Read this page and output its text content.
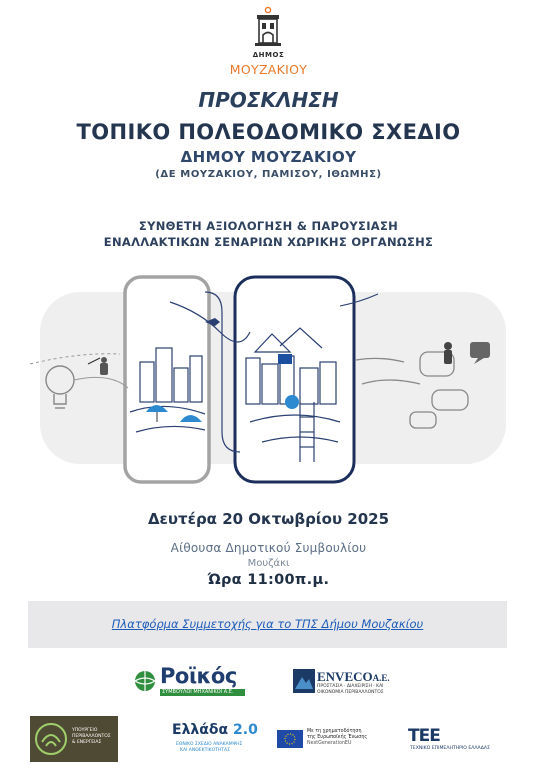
ΔΗΜΟΣ
ΜΟΥΖΑΚΙΟΥ
ΠΡΟΣΚΛΗΣΗ
ΤΟΠΙΚΟ ΠΟΛΕΟΔΟΜΙΚΟ ΣΧΕΔΙΟ
ΔΗΜΟΥ ΜΟΥΖΑΚΙΟΥ
(ΔΕ ΜΟΥΖΑΚΙΟΥ, ΠΑΜΙΣΟΥ, ΙΘΩΜΗΣ)
ΣΥΝΘΕΤΗ ΑΞΙΟΛΟΓΗΣΗ & ΠΑΡΟΥΣΙΑΣΗ
ΕΝΑΛΛΑΚΤΙΚΩΝ ΣΕΝΑΡΙΩΝ ΧΩΡΙΚΗΣ ΟΡΓΑΝΩΣΗΣ
Δευτέρα 20 Οκτωβρίου 2025
Αίθουσα Δημοτικού Συμβουλίου
Μουζάκι
Ώρα 11:00π.μ.
Πλατφόρμα Συμμετοχής για το ΤΠΣ Δήμου Μουζακίου
Ροϊκός
ΣΥΜΒΟΥΛΟΙ ΜΗΧΑΝΙΚΟΙ Α.Ε.
ENVECOΑ.Ε.
ΠΡΟΣΤΑΣΙΑ · ΔΙΑΧΕΙΡΙΣΗ · ΚΑΙ
ΟΙΚΟΝΟΜΙΑ ΠΕΡΙΒΑΛΛΟΝΤΟΣ
ΥΠΟΥΡΓΕΙΟ
ΠΕΡΙΒΑΛΛΟΝΤΟΣ
& ΕΝΕΡΓΕΙΑΣ
Ελλάδα 2.0
ΕΘΝΙΚΟ ΣΧΕΔΙΟ ΑΝΑΚΑΜΨΗΣ
ΚΑΙ ΑΝΘΕΚΤΙΚΟΤΗΤΑΣ
Με τη χρηματοδότηση
της Ευρωπαϊκής Ένωσης
NextGenerationEU	ΤΕΕ
ΤΕΧΝΙΚΟ ΕΠΙΜΕΛΗΤΗΡΙΟ ΕΛΛΑΔΑΣ
